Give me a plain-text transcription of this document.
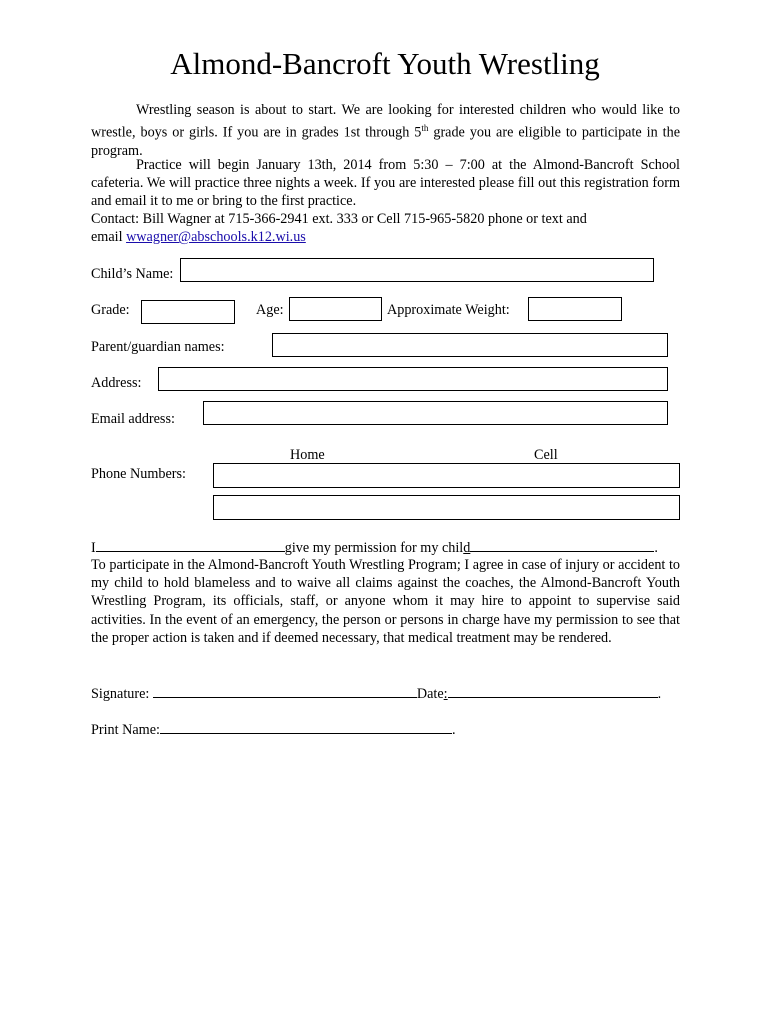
Almond-Bancroft Youth Wrestling

Wrestling season is about to start. We are looking for interested children who would like to wrestle, boys or girls. If you are in grades 1st through 5th grade you are eligible to participate in the program.

Practice will begin January 13th, 2014 from 5:30 – 7:00 at the Almond-Bancroft School cafeteria. We will practice three nights a week. If you are interested please fill out this registration form and email it to me or bring to the first practice.

Contact: Bill Wagner at 715-366-2941 ext. 333 or Cell 715-965-5820 phone or text and
email wwagner@abschools.k12.wi.us

Child’s Name:
Grade:	Age:	Approximate Weight:
Parent/guardian names:
Address:
Email address:
Home	Cell
Phone Numbers:
I	give my permission for my child	.

To participate in the Almond-Bancroft Youth Wrestling Program; I agree in case of injury or accident to my child to hold blameless and to waive all claims against the coaches, the Almond-Bancroft Youth Wrestling Program, its officials, staff, or anyone whom it may hire to appoint to supervise said activities. In the event of an emergency, the person or persons in charge have my permission to see that the proper action is taken and if deemed necessary, that medical treatment may be rendered.

Signature:	Date:	.
Print Name:	.
